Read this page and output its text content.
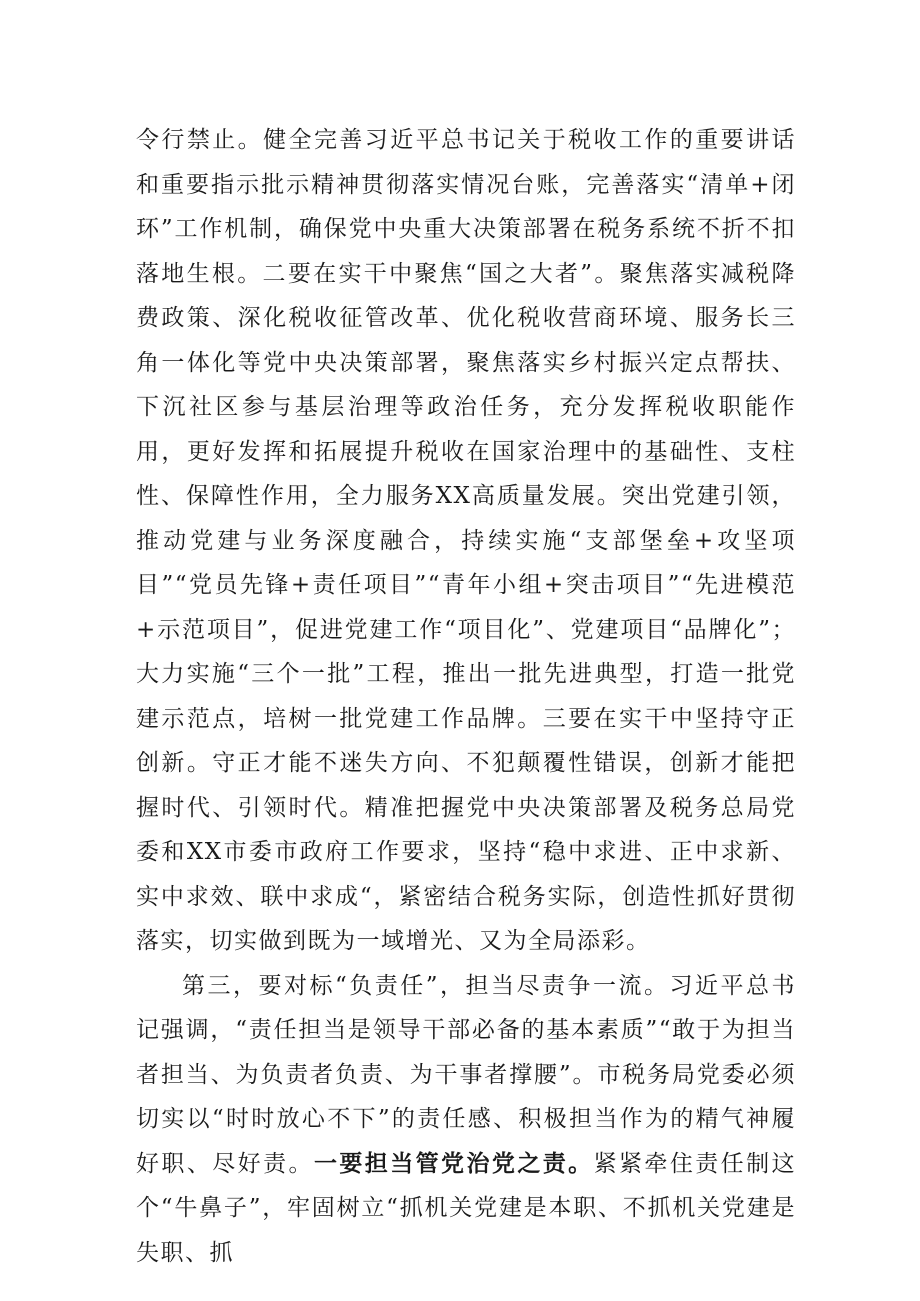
令行禁止。健全完善习近平总书记关于税收工作的重要讲话和重要指示批示精神贯彻落实情况台账，完善落实“清单+闭环”工作机制，确保党中央重大决策部署在税务系统不折不扣落地生根。二要在实干中聚焦“国之大者”。聚焦落实减税降费政策、深化税收征管改革、优化税收营商环境、服务长三角一体化等党中央决策部署，聚焦落实乡村振兴定点帮扶、下沉社区参与基层治理等政治任务，充分发挥税收职能作用，更好发挥和拓展提升税收在国家治理中的基础性、支柱性、保障性作用，全力服务XX高质量发展。突出党建引领，推动党建与业务深度融合，持续实施“支部堡垒+攻坚项目”“党员先锋+责任项目”“青年小组+突击项目”“先进模范+示范项目”，促进党建工作“项目化”、党建项目“品牌化”；大力实施“三个一批”工程，推出一批先进典型，打造一批党建示范点，培树一批党建工作品牌。三要在实干中坚持守正创新。守正才能不迷失方向、不犯颠覆性错误，创新才能把握时代、引领时代。精准把握党中央决策部署及税务总局党委和XX市委市政府工作要求，坚持“稳中求进、正中求新、实中求效、联中求成“，紧密结合税务实际，创造性抓好贯彻落实，切实做到既为一域增光、又为全局添彩。

第三，要对标“负责任”，担当尽责争一流。习近平总书记强调，“责任担当是领导干部必备的基本素质”“敢于为担当者担当、为负责者负责、为干事者撑腰”。市税务局党委必须切实以“时时放心不下”的责任感、积极担当作为的精气神履好职、尽好责。一要担当管党治党之责。紧紧牵住责任制这个“牛鼻子”，牢固树立“抓机关党建是本职、不抓机关党建是失职、抓
